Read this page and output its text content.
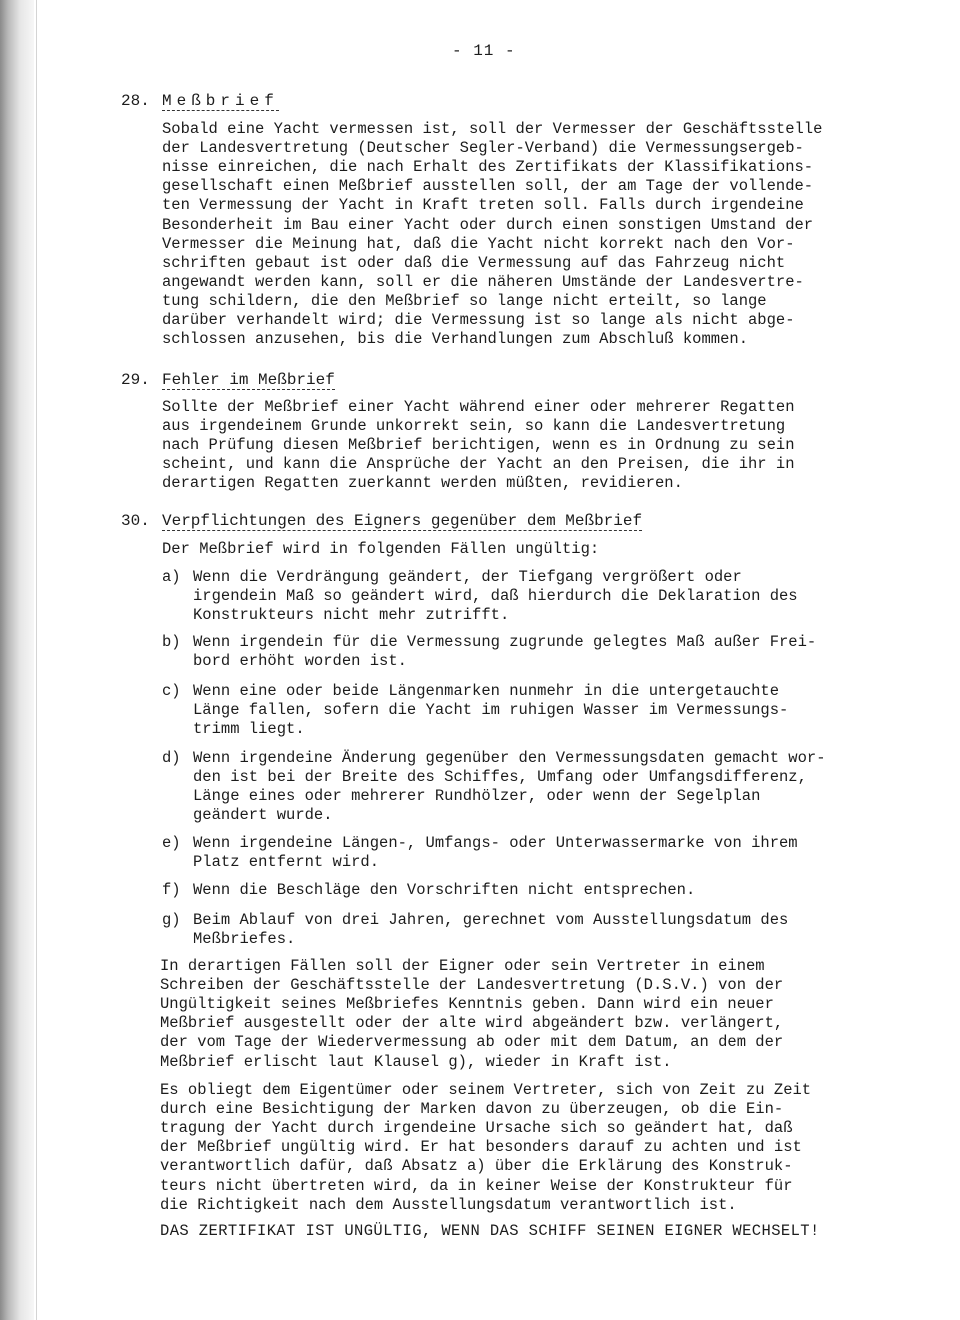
- 11 -
28. Meßbrief
Sobald eine Yacht vermessen ist, soll der Vermesser der Geschäftsstelle
der Landesvertretung (Deutscher Segler-Verband) die Vermessungsergeb-
nisse einreichen, die nach Erhalt des Zertifikats der Klassifikations-
gesellschaft einen Meßbrief ausstellen soll, der am Tage der vollende-
ten Vermessung der Yacht in Kraft treten soll. Falls durch irgendeine
Besonderheit im Bau einer Yacht oder durch einen sonstigen Umstand der
Vermesser die Meinung hat, daß die Yacht nicht korrekt nach den Vor-
schriften gebaut ist oder daß die Vermessung auf das Fahrzeug nicht
angewandt werden kann, soll er die näheren Umstände der Landesvertre-
tung schildern, die den Meßbrief so lange nicht erteilt, so lange
darüber verhandelt wird; die Vermessung ist so lange als nicht abge-
schlossen anzusehen, bis die Verhandlungen zum Abschluß kommen.
29. Fehler im Meßbrief
Sollte der Meßbrief einer Yacht während einer oder mehrerer Regatten
aus irgendeinem Grunde unkorrekt sein, so kann die Landesvertretung
nach Prüfung diesen Meßbrief berichtigen, wenn es in Ordnung zu sein
scheint, und kann die Ansprüche der Yacht an den Preisen, die ihr in
derartigen Regatten zuerkannt werden müßten, revidieren.
30. Verpflichtungen des Eigners gegenüber dem Meßbrief
Der Meßbrief wird in folgenden Fällen ungültig:
a) Wenn die Verdrängung geändert, der Tiefgang vergrößert oder
irgendein Maß so geändert wird, daß hierdurch die Deklaration des
Konstrukteurs nicht mehr zutrifft.
b) Wenn irgendein für die Vermessung zugrunde gelegtes Maß außer Frei-
bord erhöht worden ist.
c) Wenn eine oder beide Längenmarken nunmehr in die untergetauchte
Länge fallen, sofern die Yacht im ruhigen Wasser im Vermessungs-
trimm liegt.
d) Wenn irgendeine Änderung gegenüber den Vermessungsdaten gemacht wor-
den ist bei der Breite des Schiffes, Umfang oder Umfangsdifferenz,
Länge eines oder mehrerer Rundhölzer, oder wenn der Segelplan
geändert wurde.
e) Wenn irgendeine Längen-, Umfangs- oder Unterwassermarke von ihrem
Platz entfernt wird.
f) Wenn die Beschläge den Vorschriften nicht entsprechen.
g) Beim Ablauf von drei Jahren, gerechnet vom Ausstellungsdatum des
Meßbriefes.
In derartigen Fällen soll der Eigner oder sein Vertreter in einem
Schreiben der Geschäftsstelle der Landesvertretung (D.S.V.) von der
Ungültigkeit seines Meßbriefes Kenntnis geben. Dann wird ein neuer
Meßbrief ausgestellt oder der alte wird abgeändert bzw. verlängert,
der vom Tage der Wiedervermessung ab oder mit dem Datum, an dem der
Meßbrief erlischt laut Klausel g), wieder in Kraft ist.
Es obliegt dem Eigentümer oder seinem Vertreter, sich von Zeit zu Zeit
durch eine Besichtigung der Marken davon zu überzeugen, ob die Ein-
tragung der Yacht durch irgendeine Ursache sich so geändert hat, daß
der Meßbrief ungültig wird. Er hat besonders darauf zu achten und ist
verantwortlich dafür, daß Absatz a) über die Erklärung des Konstruk-
teurs nicht übertreten wird, da in keiner Weise der Konstrukteur für
die Richtigkeit nach dem Ausstellungsdatum verantwortlich ist.
DAS ZERTIFIKAT IST UNGÜLTIG, WENN DAS SCHIFF SEINEN EIGNER WECHSELT!
